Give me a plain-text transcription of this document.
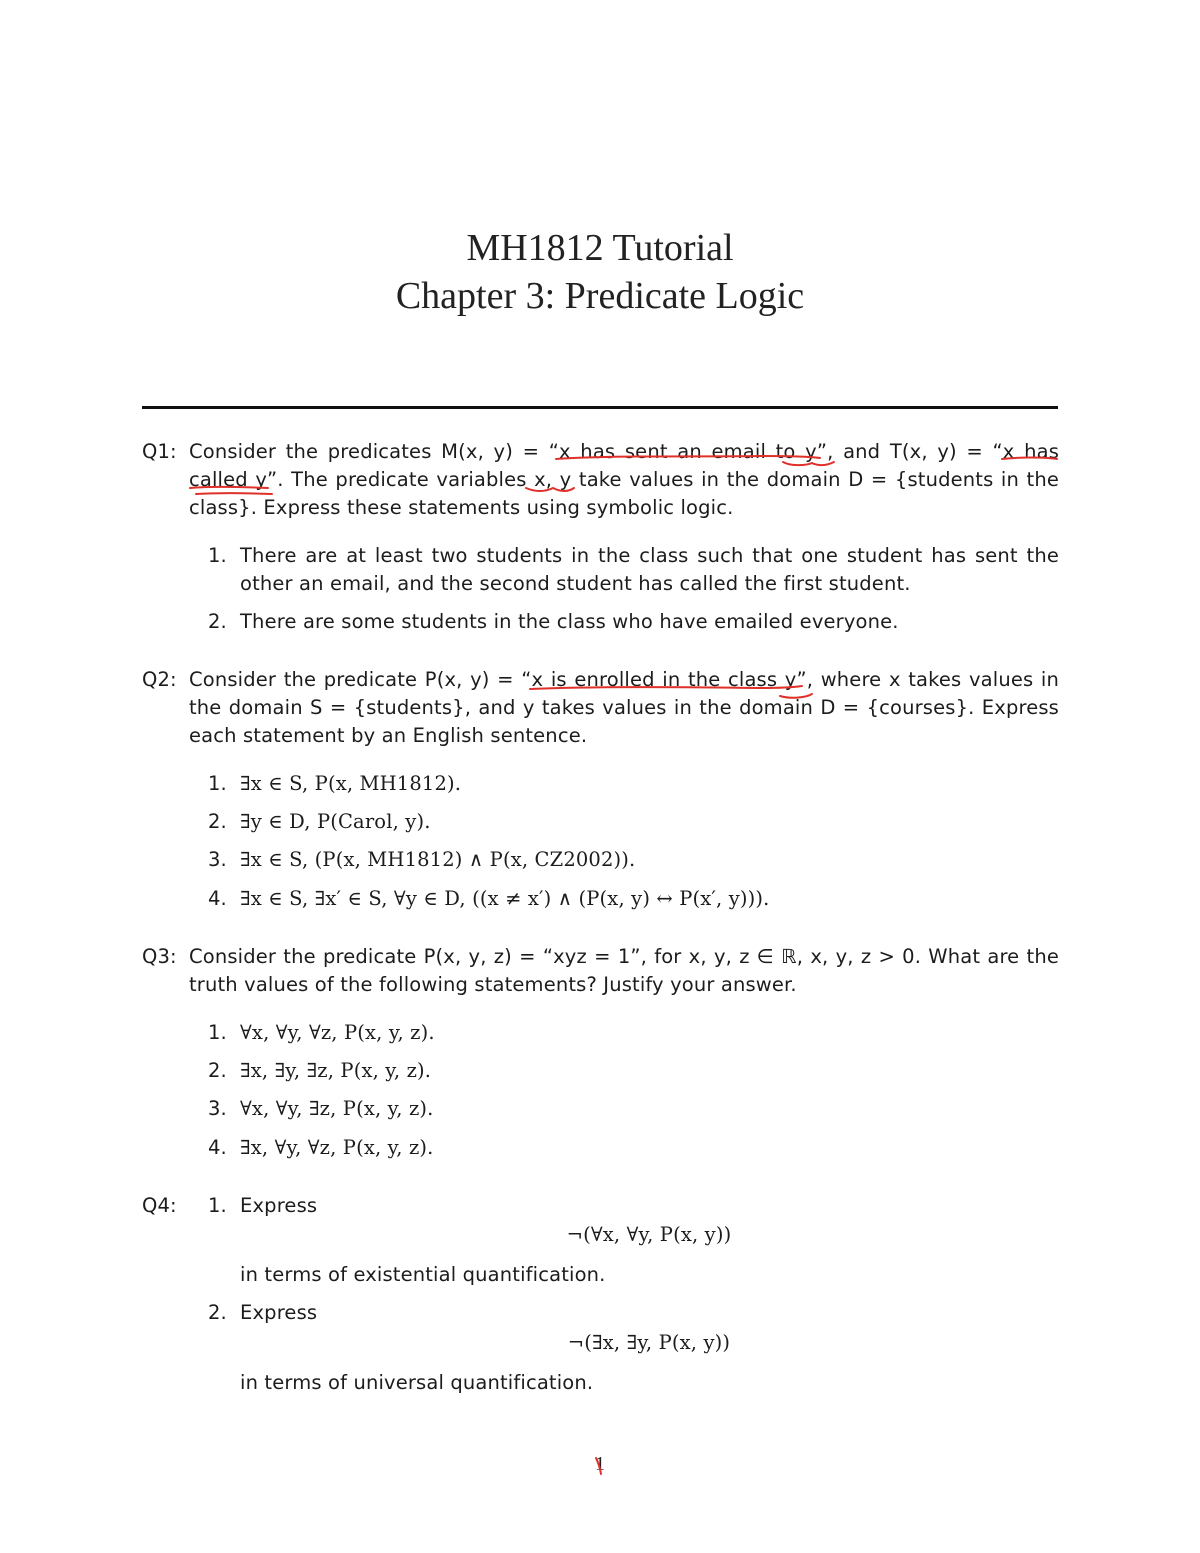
MH1812 Tutorial
Chapter 3: Predicate Logic
Q1: Consider the predicates M(x, y) = “x has sent an email to y”, and T(x, y) = “x has
called y”. The predicate variables x, y take values in the domain D = {students in the
class}. Express these statements using symbolic logic.
1. There are at least two students in the class such that one student has sent the
other an email, and the second student has called the first student.
2. There are some students in the class who have emailed everyone.
Q2: Consider the predicate P(x, y) = “x is enrolled in the class y”, where x takes values in
the domain S = {students}, and y takes values in the domain D = {courses}. Express
each statement by an English sentence.
1. ∃x ∈ S, P(x, MH1812).
2. ∃y ∈ D, P(Carol, y).
3. ∃x ∈ S, (P(x, MH1812) ∧ P(x, CZ2002)).
4. ∃x ∈ S, ∃x′ ∈ S, ∀y ∈ D, ((x ≠ x′) ∧ (P(x, y) ↔ P(x′, y))).
Q3: Consider the predicate P(x, y, z) = “xyz = 1”, for x, y, z ∈ ℝ, x, y, z > 0. What are the
truth values of the following statements? Justify your answer.
1. ∀x, ∀y, ∀z, P(x, y, z).
2. ∃x, ∃y, ∃z, P(x, y, z).
3. ∀x, ∀y, ∃z, P(x, y, z).
4. ∃x, ∀y, ∀z, P(x, y, z).
Q4: 1. Express
¬(∀x, ∀y, P(x, y))
in terms of existential quantification.
2. Express
¬(∃x, ∃y, P(x, y))
in terms of universal quantification.
1
